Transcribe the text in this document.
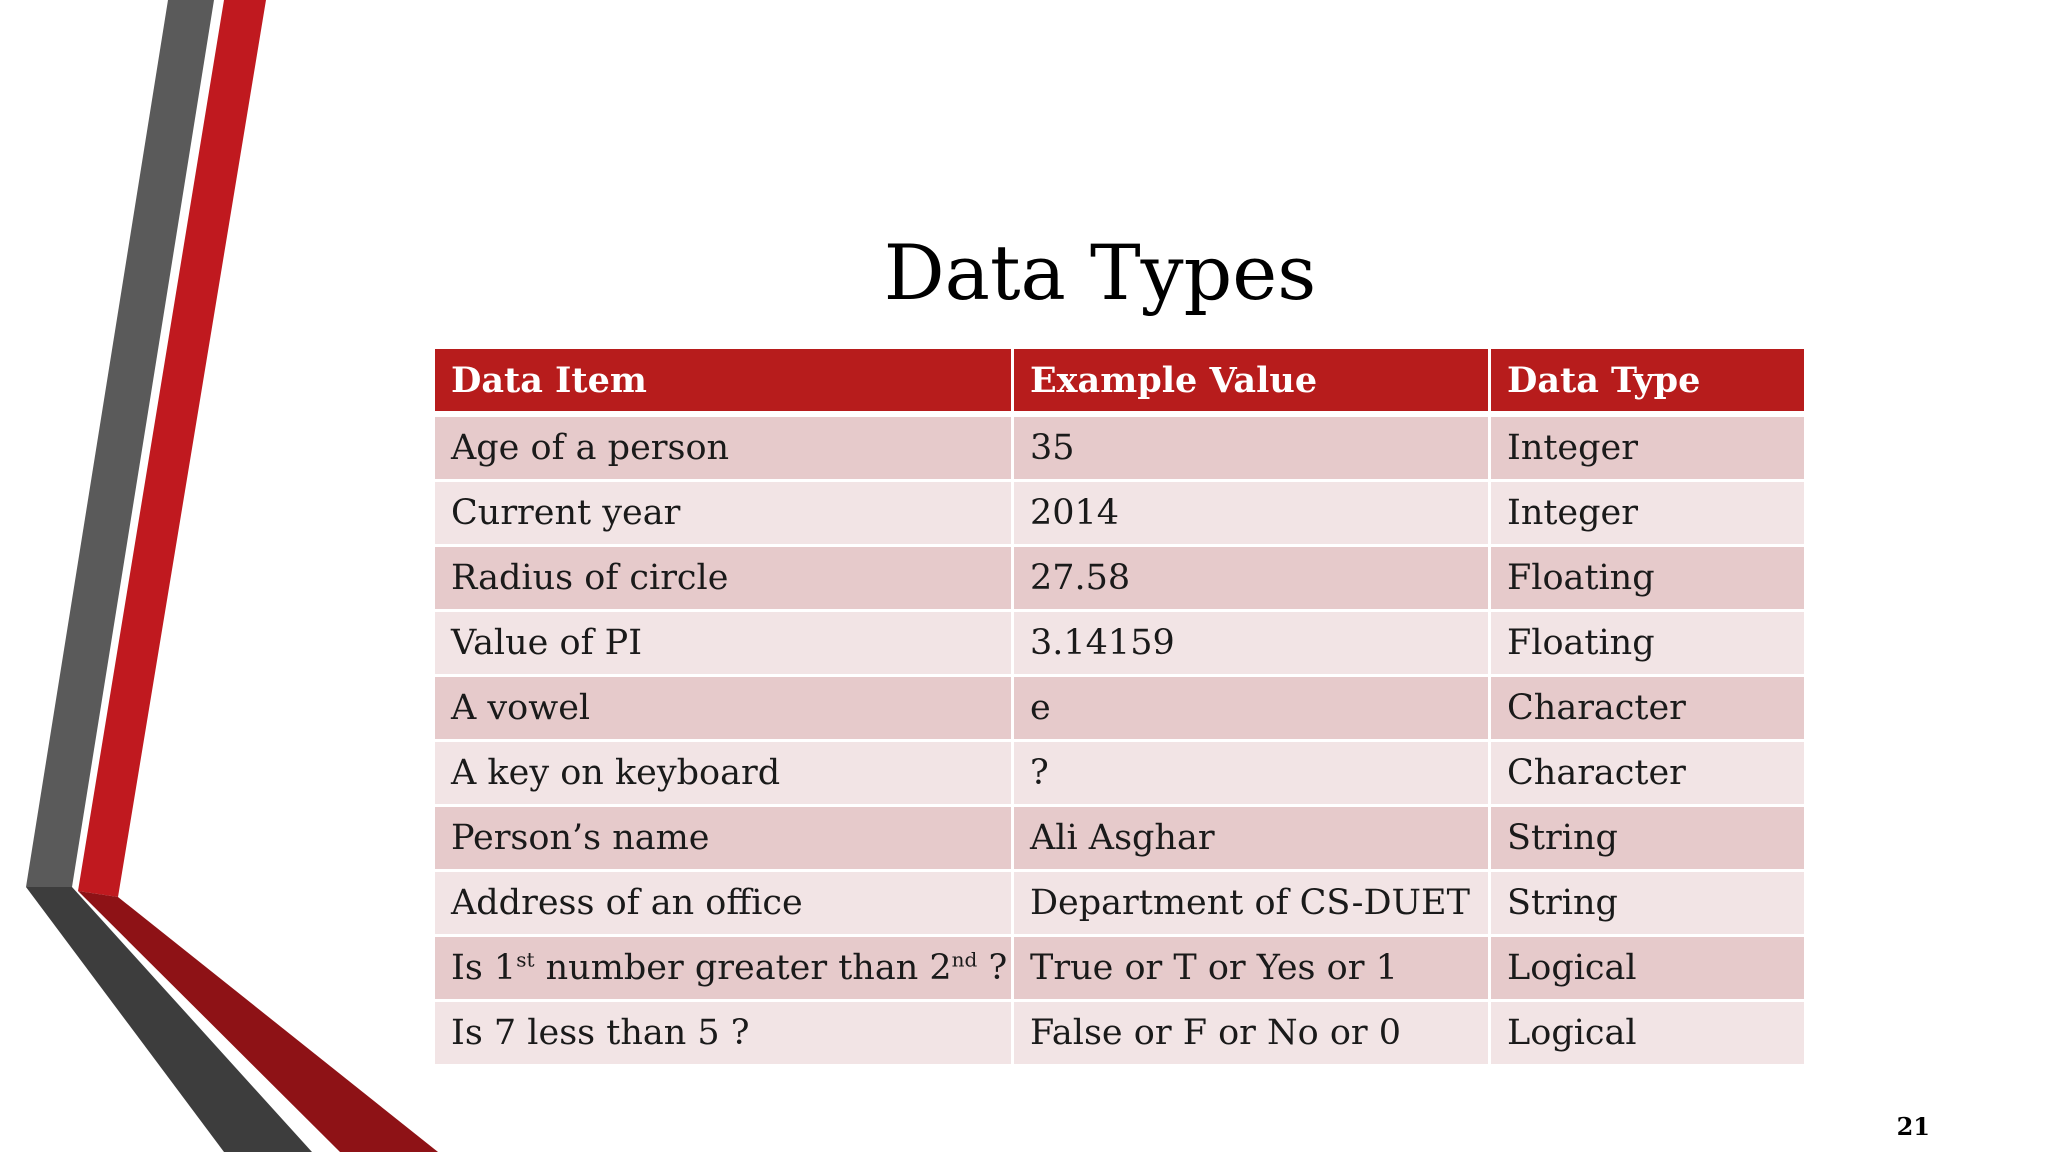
Data Types
Data Item	Example Value	Data Type
Age of a person	35	Integer
Current year	2014	Integer
Radius of circle	27.58	Floating
Value of PI	3.14159	Floating
A vowel	e	Character
A key on keyboard	?	Character
Person’s name	Ali Asghar	String
Address of an office	Department of CS-DUET	String
Is 1st number greater than 2nd ?	True or T or Yes or 1	Logical
Is 7 less than 5 ?	False or F or No or 0	Logical
21
